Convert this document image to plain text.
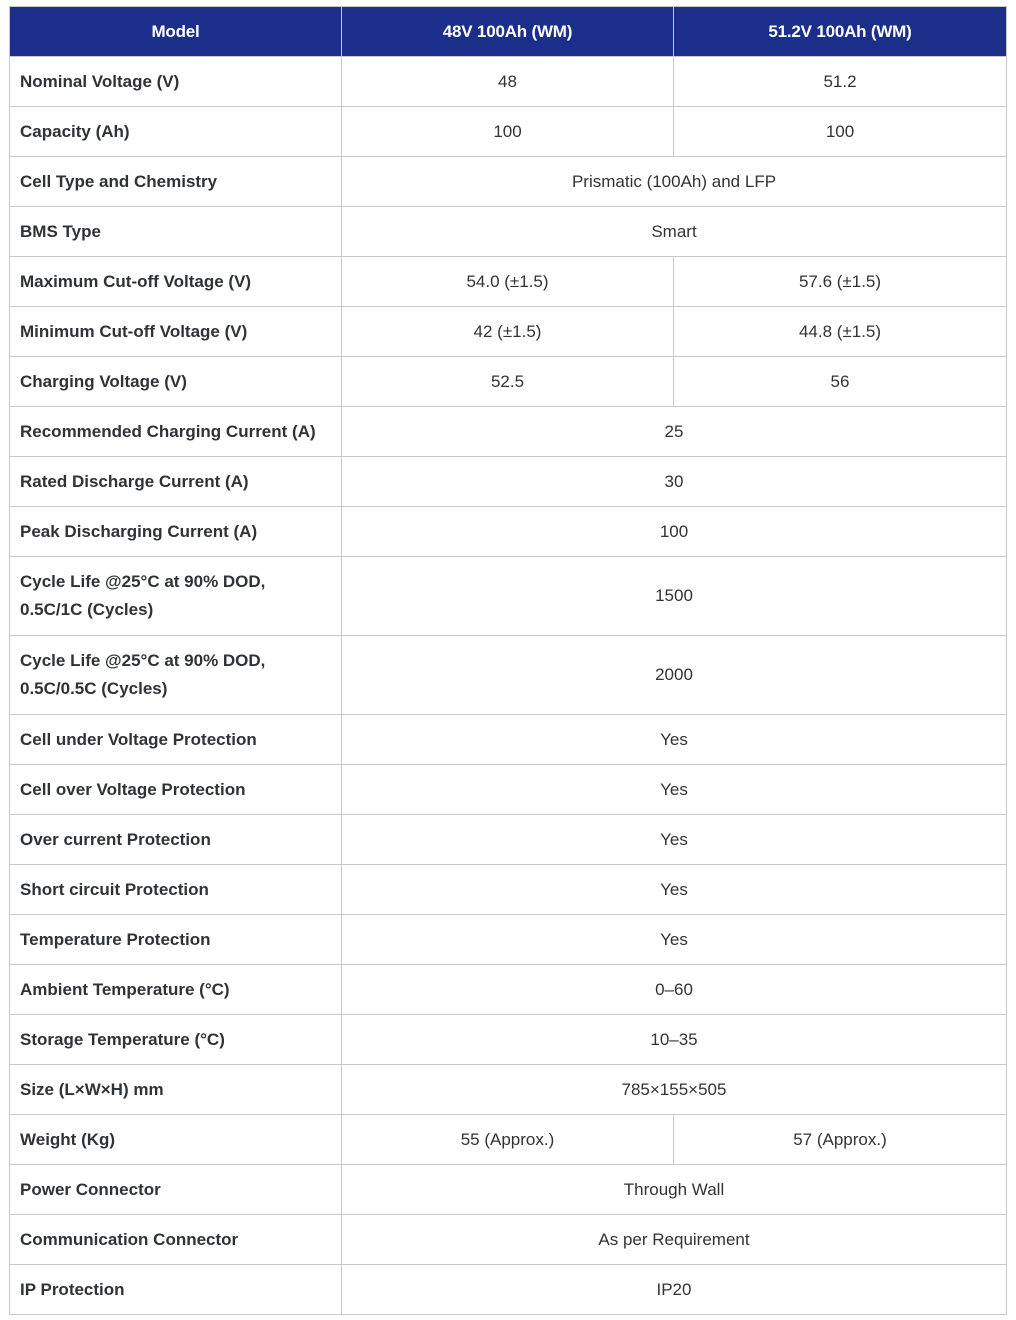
Model	48V 100Ah (WM)	51.2V 100Ah (WM)
Nominal Voltage (V)	48	51.2
Capacity (Ah)	100	100
Cell Type and Chemistry	Prismatic (100Ah) and LFP	
BMS Type	Smart	
Maximum Cut-off Voltage (V)	54.0 (±1.5)	57.6 (±1.5)
Minimum Cut-off Voltage (V)	42 (±1.5)	44.8 (±1.5)
Charging Voltage (V)	52.5	56
Recommended Charging Current (A)	25	
Rated Discharge Current (A)	30	
Peak Discharging Current (A)	100	
Cycle Life @25°C at 90% DOD,
0.5C/1C (Cycles)	1500	
Cycle Life @25°C at 90% DOD,
0.5C/0.5C (Cycles)	2000	
Cell under Voltage Protection	Yes	
Cell over Voltage Protection	Yes	
Over current Protection	Yes	
Short circuit Protection	Yes	
Temperature Protection	Yes	
Ambient Temperature (°C)	0–60	
Storage Temperature (°C)	10–35	
Size (L×W×H) mm	785×155×505	
Weight (Kg)	55 (Approx.)	57 (Approx.)
Power Connector	Through Wall	
Communication Connector	As per Requirement	
IP Protection	IP20	
